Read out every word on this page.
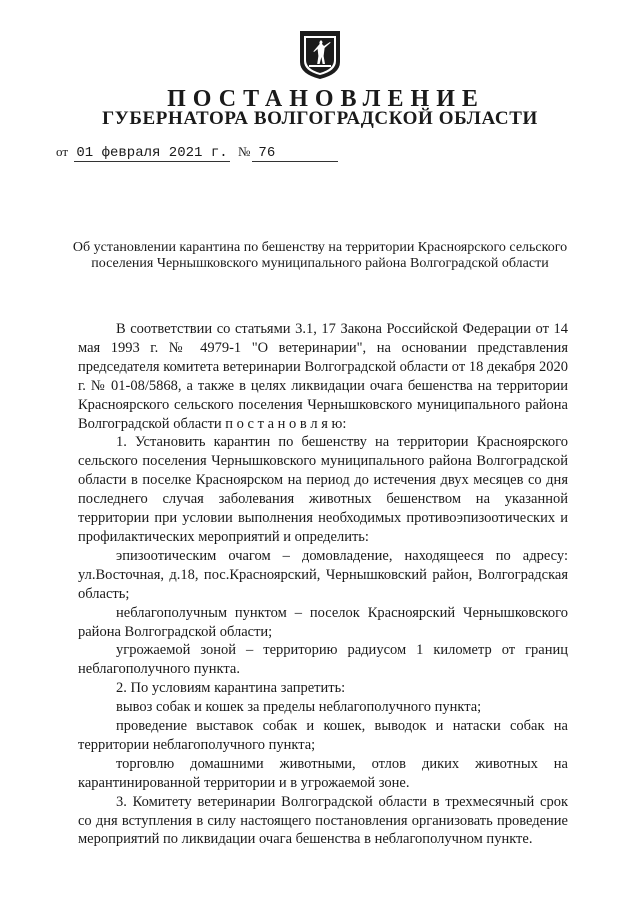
ПОСТАНОВЛЕНИЕ
ГУБЕРНАТОРА ВОЛГОГРАДСКОЙ ОБЛАСТИ
от 01 февраля 2021 г. № 76

Об установлении карантина по бешенству на территории Красноярского сельского поселения Чернышковского муниципального района Волгоградской области

В соответствии со статьями 3.1, 17 Закона Российской Федерации от 14 мая 1993 г. № 4979-1 "О ветеринарии", на основании представления председателя комитета ветеринарии Волгоградской области от 18 декабря 2020 г. № 01-08/5868, а также в целях ликвидации очага бешенства на территории Красноярского сельского поселения Чернышковского муниципального района Волгоградской области п о с т а н о в л я ю:

1. Установить карантин по бешенству на территории Красноярского сельского поселения Чернышковского муниципального района Волгоградской области в поселке Красноярском на период до истечения двух месяцев со дня последнего случая заболевания животных бешенством на указанной территории при условии выполнения необходимых противоэпизоотических и профилактических мероприятий и определить:

эпизоотическим очагом – домовладение, находящееся по адресу: ул.Восточная, д.18, пос.Красноярский, Чернышковский район, Волгоградская область;

неблагополучным пунктом – поселок Красноярский Чернышковского района Волгоградской области;

угрожаемой зоной – территорию радиусом 1 километр от границ неблагополучного пункта.

2. По условиям карантина запретить:

вывоз собак и кошек за пределы неблагополучного пункта;

проведение выставок собак и кошек, выводок и натаски собак на территории неблагополучного пункта;

торговлю домашними животными, отлов диких животных на карантинированной территории и в угрожаемой зоне.

3. Комитету ветеринарии Волгоградской области в трехмесячный срок со дня вступления в силу настоящего постановления организовать проведение мероприятий по ликвидации очага бешенства в неблагополучном пункте.
